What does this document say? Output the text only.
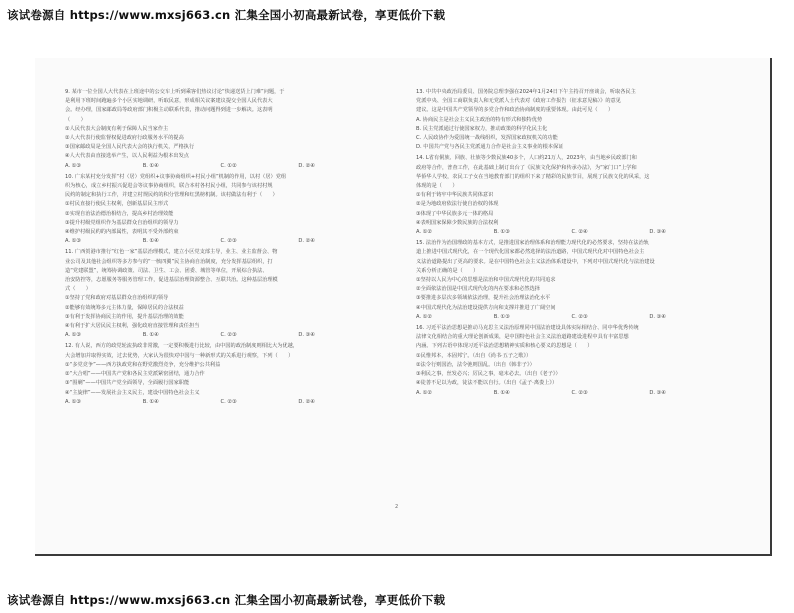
该试卷源自 https://www.mxsj663.cn 汇集全国小初高最新试卷，享更低价下载
9. 某市一位全国人大代表在上班途中的公交车上听到乘客们热议讨论“快递送货上门难”问题，于
是利用下班时间跑遍多个小区实地调研，听取民意，形成相关议案建议提交全国人民代表大
会。经办理，国家邮政局等政府部门积极主动联系代表，推动问题得到进一步解决。这表明
（　　）
①人民代表大会制度有利于保障人民当家作主
②人大代表行使监督权促进政府行政服务水平的提高
③国家邮政局是全国人民代表大会的执行机关，严格执行
④人大代表由直接选举产生，以人民利益为根本出发点
A. ①③	B. ①④	C. ①②	D. ②④
10. 广东某村充分发挥“村（居）党组织+议事协商组织+村民小组”机制的作用，以村（居）党组
织为核心，成立乡村振兴促进会等议事协商组织，联合本村各村民小组，共同参与该村村规
民约的制定和执行工作，并建立村规民约的积分管理和红黑榜机制。该村做法有利于（　　）
①村民直接行使民主权利，创新基层民主形式
②实现自治法治德治相结合，提高乡村治理效能
③提升村级党组织作为基层群众自治组织的领导力
④维护村级民约的内部属性，表明其不受外部约束
A. ①③	B. ①④	C. ②③	D. ②④
11. 广西贺港市推行“红色一家”基层治理模式，建立小区党支部主导，业主、业主监督会、物
业公司及其他社会组织等多方参与的“一核四翼”民主协商自治制度，充分发挥基层组织，打
造“党建联盟”，统筹协调政策、司法、卫生、工会、团委、城管等单位，开展综合执法、
治安防控等，志愿服务等服务管理工作，促进基层治理资源整合、互联共治。这种基层治理模
式（　　）
①坚持了党和政府对基层群众自治组织的领导
②能够有效统筹多元主体力量，保障居民的合法权益
③有利于发挥协商民主的作用，提升基层治理的效能
④有利于扩大居民民主权利，强化政府直接管理和责任担当
A. ①③	B. ①④	C. ②③	D. ③④
12. 有人说，西方的政党轮流执政非常激，一定要积极进行比较，由中国的政治制度则相比大为优越，
大会增加并取得实效，过去优势，大家认为很快对中国与一种新形式的关系进行观察，下列（　　）
①“多党竞争”——西方执政党和在野党激烈竞争，充分维护公共利益
②“大合唱”——中国共产党和各民主党派紧密团结，通力合作
③“围剿”——中国共产党全面领导，全面履行国家职能
④“主旋律”——发展社会主义民主，建设中国特色社会主义
A. ①③	B. ①④	C. ②③	D. ②④
13. 中共中央政治局委员、国务院总理李强在2024年1月24日下午主持召开座谈会，听取各民主
党派中央、全国工商联负责人和无党派人士代表对《政府工作报告（征求意见稿）》的意见
建议。这是中国共产党领导的多党合作和政治协商制度的重要体现。由此可见（　　）
A. 协商民主是社会主义民主政治的特有形式和独特优势
B. 民主党派通过行使国家权力，推动政策的科学化民主化
C. 人民政协作为爱国统一战线组织，发挥国家政权机关的功能
D. 中国共产党与各民主党派通力合作是社会主义事业的根本保证
14. L省有侗族、回族、壮族等少数民族40多个，人口约21万人，2023年，由当地乡民政部门和
政府等合作，普查工作，在此基础上制订出台了《民族文化保护和传承办法》，为“家门口”上学和
华侨华人学校，农民工子女在当地教育部门的组织下来了精彩的民族节目，展现了民族文化的风采，这
体现的是（　　）
①有利于铸牢中华民族共同体意识
②是为地政府依法行使自治权的体现
③体现了中华民族多元一体的格局
④表明国家保障少数民族的合法权利
A. ①②	B. ①③	C. ②④	D. ③④
15. 法治作为治国理政的基本方式，是推进国家治理体系和治理能力现代化的必然要求，坚持在法治轨
道上推进中国式现代化，在一个现代化国家都必然选择的法治道路，中国式现代化对中国特色社会主
义法治道路提出了更高的要求。是在中国特色社会主义法治体系建设中，下列对中国式现代化与法治建设
关系分析正确的是（　　）
①坚持以人民为中心的思想是法治和中国式现代化的共同追求
②全面依法治国是中国式现代化的内在要求和必然选择
③要推进多层次多领域依法治理，提升社会治理法治化水平
④中国式现代化为法治建设提供方向和支撑并推进了广阔空间
A. ①②	B. ①③	C. ②③	D. ③④
16. 习近平法治思想是推动马克思主义法治原理同中国法治建设具体实际相结合、同中华优秀传统
法律文化相结合的重大理论创新成果，是中国特色社会主义法治道路建设进程中具有丰富思想
内涵。下列古语中体现习近平法治思想精神实质和核心要义的思想是（　　）
①民惟邦本，本固邦宁。（出自《尚书·五子之歌》）
②法令行则国治，法令弛则国乱。（出自《韩非子》）
③利民之事，丝发必兴；厉民之事，毫末必去。（出自《老子》）
④徒善不足以为政，徒法不能以自行。（出自《孟子·离娄上》）
A. ①②	B. ①④	C. ②③	D. ③④
2
该试卷源自 https://www.mxsj663.cn 汇集全国小初高最新试卷，享更低价下载
